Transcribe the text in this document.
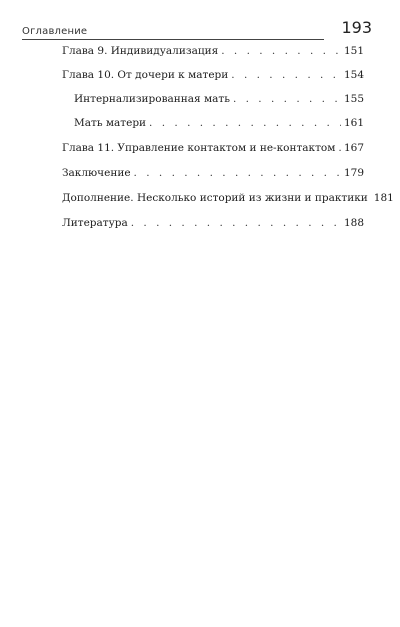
Оглавление	193
Глава 9. Индивидуализация . . .	151
Глава 10. От дочери к матери . . .	154
Интернализированная мать . . .	155
Мать матери . . .	161
Глава 11. Управление контактом и не-контактом . . . 167
Заключение . . .	179
Дополнение. Несколько историй из жизни и практики 181
Литература . . .	188
